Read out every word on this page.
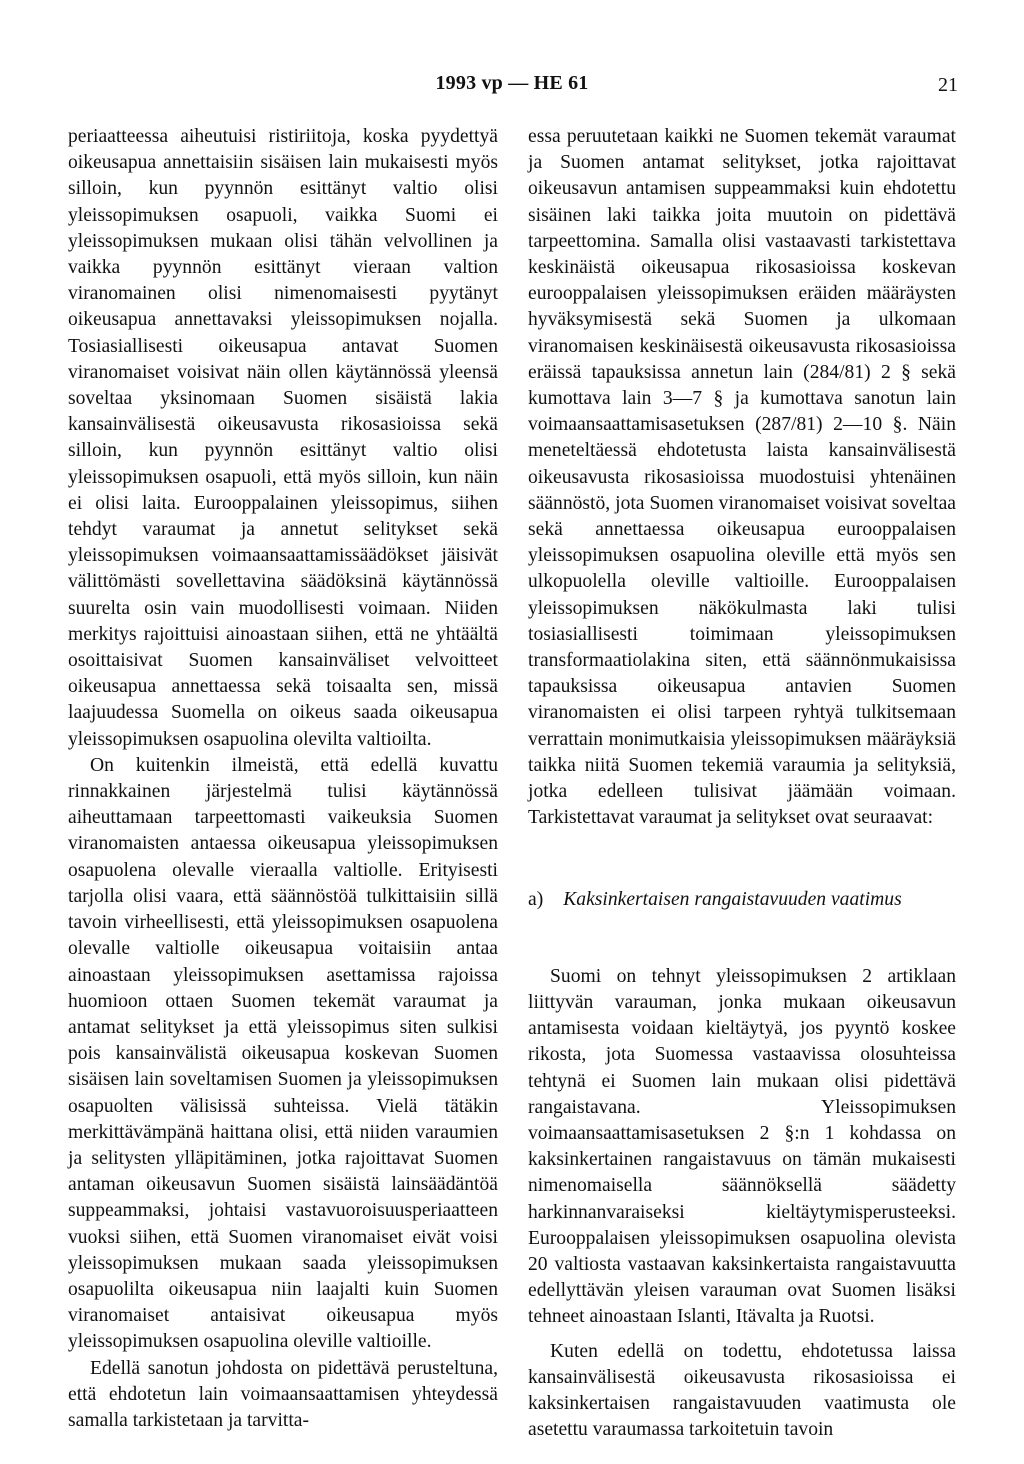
1993 vp — HE 61	21

periaatteessa aiheutuisi ristiriitoja, koska pyydettyä oikeusapua annettaisiin sisäisen lain mukaisesti myös silloin, kun pyynnön esittänyt valtio olisi yleissopimuksen osapuoli, vaikka Suomi ei yleissopimuksen mukaan olisi tähän velvollinen ja vaikka pyynnön esittänyt vieraan valtion viranomainen olisi nimenomaisesti pyytänyt oikeusapua annettavaksi yleissopimuksen nojalla. Tosiasiallisesti oikeusapua antavat Suomen viranomaiset voisivat näin ollen käytännössä yleensä soveltaa yksinomaan Suomen sisäistä lakia kansainvälisestä oikeusavusta rikosasioissa sekä silloin, kun pyynnön esittänyt valtio olisi yleissopimuksen osapuoli, että myös silloin, kun näin ei olisi laita. Eurooppalainen yleissopimus, siihen tehdyt varaumat ja annetut selitykset sekä yleissopimuksen voimaansaattamissäädökset jäisivät välittömästi sovellettavina säädöksinä käytännössä suurelta osin vain muodollisesti voimaan. Niiden merkitys rajoittuisi ainoastaan siihen, että ne yhtäältä osoittaisivat Suomen kansainväliset velvoitteet oikeusapua annettaessa sekä toisaalta sen, missä laajuudessa Suomella on oikeus saada oikeusapua yleissopimuksen osapuolina olevilta valtioilta.

On kuitenkin ilmeistä, että edellä kuvattu rinnakkainen järjestelmä tulisi käytännössä aiheuttamaan tarpeettomasti vaikeuksia Suomen viranomaisten antaessa oikeusapua yleissopimuksen osapuolena olevalle vieraalla valtiolle. Erityisesti tarjolla olisi vaara, että säännöstöä tulkittaisiin sillä tavoin virheellisesti, että yleissopimuksen osapuolena olevalle valtiolle oikeusapua voitaisiin antaa ainoastaan yleissopimuksen asettamissa rajoissa huomioon ottaen Suomen tekemät varaumat ja antamat selitykset ja että yleissopimus siten sulkisi pois kansainvälistä oikeusapua koskevan Suomen sisäisen lain soveltamisen Suomen ja yleissopimuksen osapuolten välisissä suhteissa. Vielä tätäkin merkittävämpänä haittana olisi, että niiden varaumien ja selitysten ylläpitäminen, jotka rajoittavat Suomen antaman oikeusavun Suomen sisäistä lainsäädäntöä suppeammaksi, johtaisi vastavuoroisuusperiaatteen vuoksi siihen, että Suomen viranomaiset eivät voisi yleissopimuksen mukaan saada yleissopimuksen osapuolilta oikeusapua niin laajalti kuin Suomen viranomaiset antaisivat oikeusapua myös yleissopimuksen osapuolina oleville valtioille.

Edellä sanotun johdosta on pidettävä perusteltuna, että ehdotetun lain voimaansaattamisen yhteydessä samalla tarkistetaan ja tarvitta-

essa peruutetaan kaikki ne Suomen tekemät varaumat ja Suomen antamat selitykset, jotka rajoittavat oikeusavun antamisen suppeammaksi kuin ehdotettu sisäinen laki taikka joita muutoin on pidettävä tarpeettomina. Samalla olisi vastaavasti tarkistettava keskinäistä oikeusapua rikosasioissa koskevan eurooppalaisen yleissopimuksen eräiden määräysten hyväksymisestä sekä Suomen ja ulkomaan viranomaisen keskinäisestä oikeusavusta rikosasioissa eräissä tapauksissa annetun lain (284/81) 2 § sekä kumottava lain 3—7 § ja kumottava sanotun lain voimaansaattamisasetuksen (287/81) 2—10 §. Näin meneteltäessä ehdotetusta laista kansainvälisestä oikeusavusta rikosasioissa muodostuisi yhtenäinen säännöstö, jota Suomen viranomaiset voisivat soveltaa sekä annettaessa oikeusapua eurooppalaisen yleissopimuksen osapuolina oleville että myös sen ulkopuolella oleville valtioille. Eurooppalaisen yleissopimuksen näkökulmasta laki tulisi tosiasiallisesti toimimaan yleissopimuksen transformaatiolakina siten, että säännönmukaisissa tapauksissa oikeusapua antavien Suomen viranomaisten ei olisi tarpeen ryhtyä tulkitsemaan verrattain monimutkaisia yleissopimuksen määräyksiä taikka niitä Suomen tekemiä varaumia ja selityksiä, jotka edelleen tulisivat jäämään voimaan. Tarkistettavat varaumat ja selitykset ovat seuraavat:

a) Kaksinkertaisen rangaistavuuden vaatimus

Suomi on tehnyt yleissopimuksen 2 artiklaan liittyvän varauman, jonka mukaan oikeusavun antamisesta voidaan kieltäytyä, jos pyyntö koskee rikosta, jota Suomessa vastaavissa olosuhteissa tehtynä ei Suomen lain mukaan olisi pidettävä rangaistavana. Yleissopimuksen voimaansaattamisasetuksen 2 §:n 1 kohdassa on kaksinkertainen rangaistavuus on tämän mukaisesti nimenomaisella säännöksellä säädetty harkinnanvaraiseksi kieltäytymisperusteeksi. Eurooppalaisen yleissopimuksen osapuolina olevista 20 valtiosta vastaavan kaksinkertaista rangaistavuutta edellyttävän yleisen varauman ovat Suomen lisäksi tehneet ainoastaan Islanti, Itävalta ja Ruotsi.

Kuten edellä on todettu, ehdotetussa laissa kansainvälisestä oikeusavusta rikosasioissa ei kaksinkertaisen rangaistavuuden vaatimusta ole asetettu varaumassa tarkoitetuin tavoin
